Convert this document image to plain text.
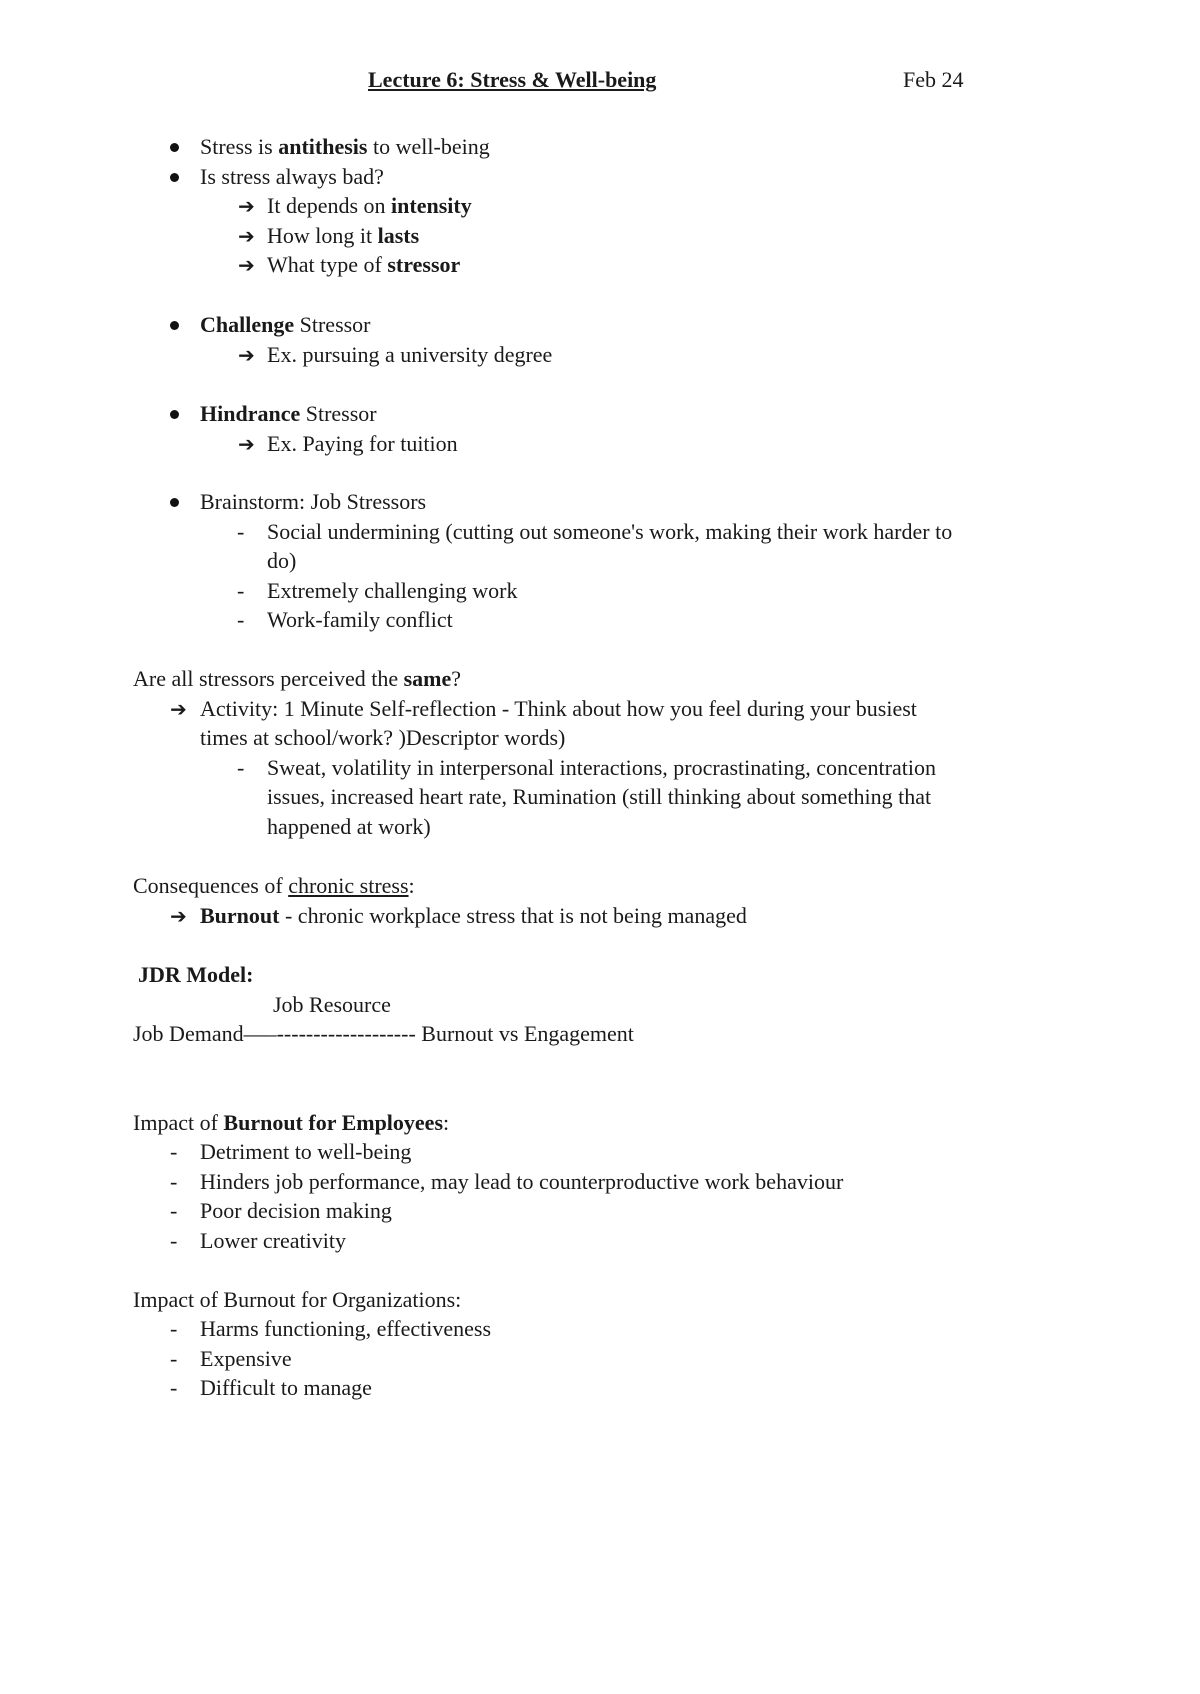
Lecture 6: Stress & Well-being	Feb 24
Stress is antithesis to well-being
Is stress always bad?
➔ It depends on intensity
➔ How long it lasts
➔ What type of stressor
Challenge Stressor
➔ Ex. pursuing a university degree
Hindrance Stressor
➔ Ex. Paying for tuition
Brainstorm: Job Stressors
- Social undermining (cutting out someone's work, making their work harder to
do)
- Extremely challenging work
- Work-family conflict
Are all stressors perceived the same?
➔ Activity: 1 Minute Self-reflection - Think about how you feel during your busiest
times at school/work? )Descriptor words)
- Sweat, volatility in interpersonal interactions, procrastinating, concentration
issues, increased heart rate, Rumination (still thinking about something that
happened at work)
Consequences of chronic stress:
➔ Burnout - chronic workplace stress that is not being managed
JDR Model:
Job Resource
Job Demand—–------------------- Burnout vs Engagement
Impact of Burnout for Employees:
- Detriment to well-being
- Hinders job performance, may lead to counterproductive work behaviour
- Poor decision making
- Lower creativity
Impact of Burnout for Organizations:
- Harms functioning, effectiveness
- Expensive
- Difficult to manage
